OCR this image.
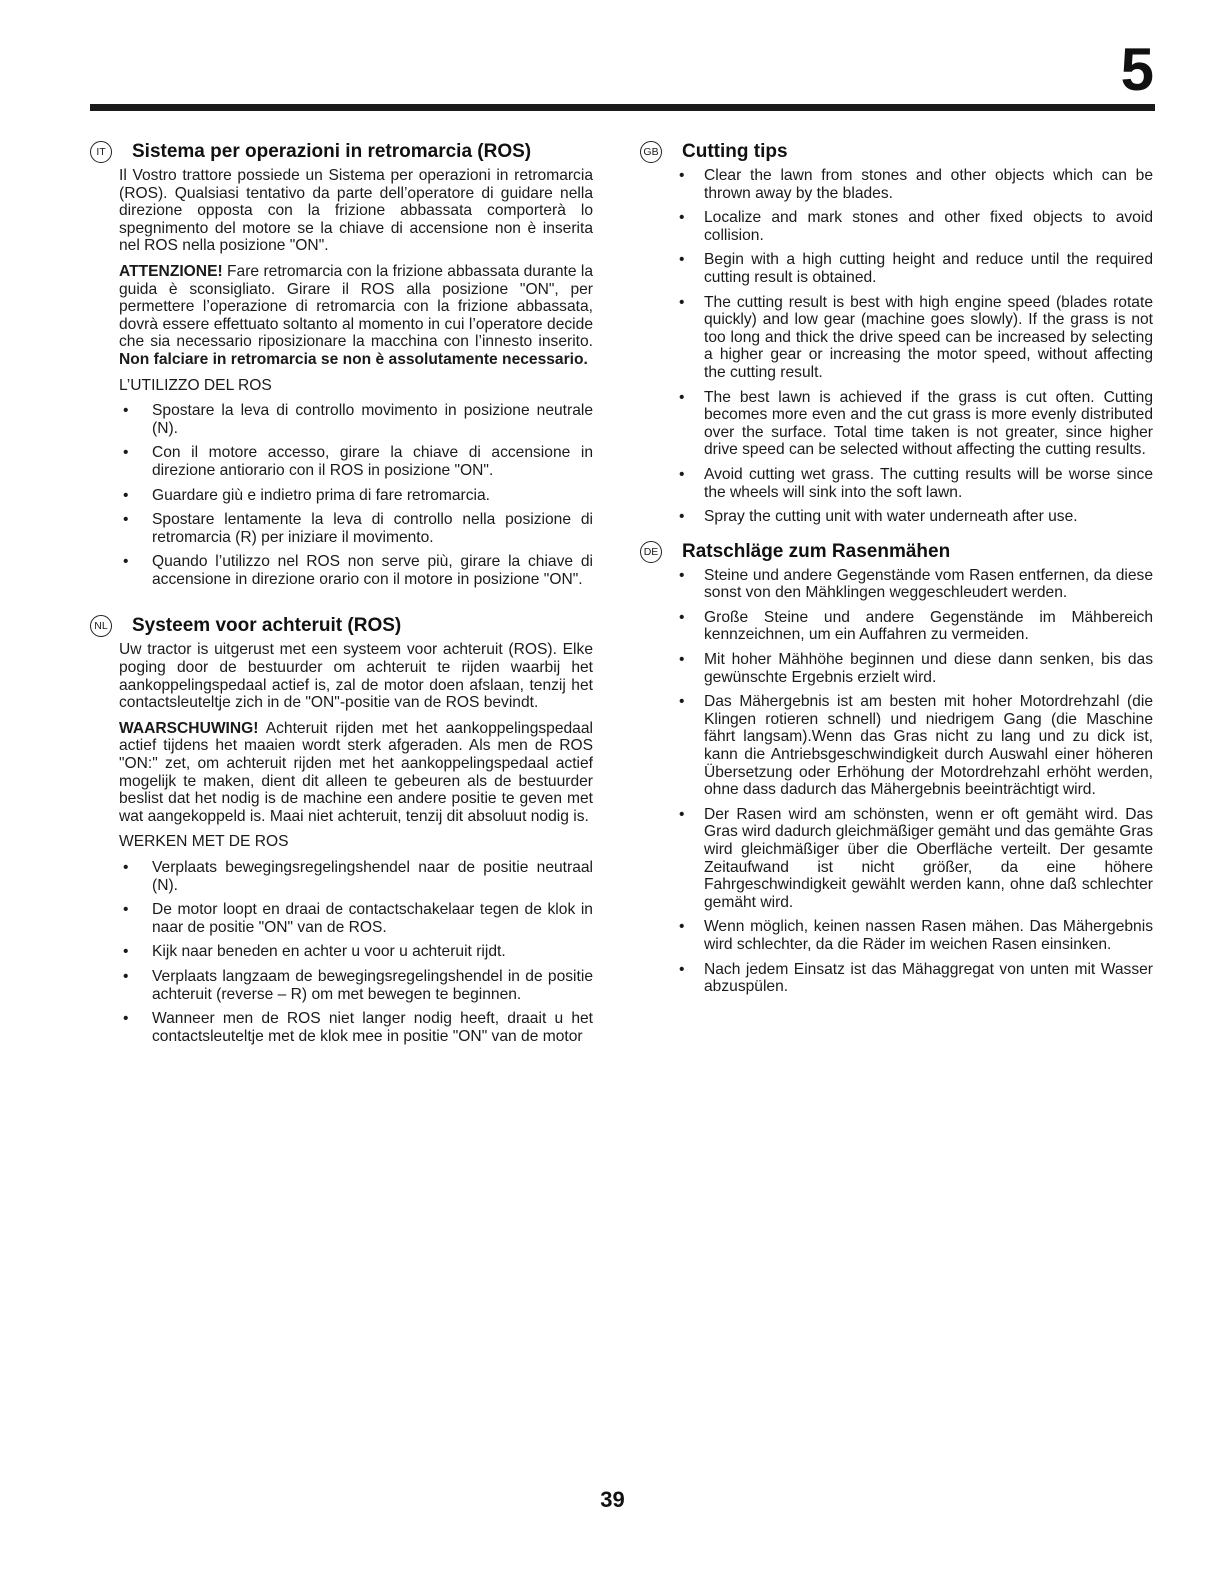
5
IT	Sistema per operazioni in retromarcia (ROS)

Il Vostro trattore possiede un Sistema per operazioni in retromarcia (ROS). Qualsiasi tentativo da parte dell’operatore di guidare nella direzione opposta con la frizione abbassata comporterà lo spegnimento del motore se la chiave di accensione non è inserita nel ROS nella posizione "ON".

ATTENZIONE! Fare retromarcia con la frizione abbassata durante la guida è sconsigliato. Girare il ROS alla posizione "ON", per permettere l’operazione di retromarcia con la frizione abbassata, dovrà essere effettuato soltanto al momento in cui l’operatore decide che sia necessario riposizionare la macchina con l’innesto inserito. Non falciare in retromarcia se non è assolutamente necessario.

L’UTILIZZO DEL ROS

• Spostare la leva di controllo movimento in posizione neutrale (N).
• Con il motore accesso, girare la chiave di accensione in direzione antiorario con il ROS in posizione "ON".
• Guardare giù e indietro prima di fare retromarcia.
• Spostare lentamente la leva di controllo nella posizione di retromarcia (R) per iniziare il movimento.
• Quando l’utilizzo nel ROS non serve più, girare la chiave di accensione in direzione orario con il motore in posizione "ON".
NL Systeem voor achteruit (ROS)

Uw tractor is uitgerust met een systeem voor achteruit (ROS). Elke poging door de bestuurder om achteruit te rijden waarbij het aankoppelingspedaal actief is, zal de motor doen afslaan, tenzij het contactsleuteltje zich in de "ON"-positie van de ROS bevindt.

WAARSCHUWING! Achteruit rijden met het aankoppelingspedaal actief tijdens het maaien wordt sterk afgeraden. Als men de ROS "ON:" zet, om achteruit rijden met het aankoppelingspedaal actief mogelijk te maken, dient dit alleen te gebeuren als de bestuurder beslist dat het nodig is de machine een andere positie te geven met wat aangekoppeld is. Maai niet achteruit, tenzij dit absoluut nodig is.

WERKEN MET DE ROS

• Verplaats bewegingsregelingshendel naar de positie neutraal (N).
• De motor loopt en draai de contactschakelaar tegen de klok in naar de positie "ON" van de ROS.
• Kijk naar beneden en achter u voor u achteruit rijdt.
• Verplaats langzaam de bewegingsregelingshendel in de positie achteruit (reverse – R) om met bewegen te beginnen.
• Wanneer men de ROS niet langer nodig heeft, draait u het contactsleuteltje met de klok mee in positie "ON" van de motor
GB Cutting tips
• Clear the lawn from stones and other objects which can be thrown away by the blades.
• Localize and mark stones and other fixed objects to avoid collision.
• Begin with a high cutting height and reduce until the required cutting result is obtained.
• The cutting result is best with high engine speed (blades rotate quickly) and low gear (machine goes slowly). If the grass is not too long and thick the drive speed can be increased by selecting a higher gear or increasing the motor speed, without affecting the cutting result.
• The best lawn is achieved if the grass is cut often. Cutting becomes more even and the cut grass is more evenly distributed over the surface. Total time taken is not greater, since higher drive speed can be selected without affecting the cutting results.
• Avoid cutting wet grass. The cutting results will be worse since the wheels will sink into the soft lawn.
• Spray the cutting unit with water underneath after use.
DE Ratschläge zum Rasenmähen
• Steine und andere Gegenstände vom Rasen entfernen, da diese sonst von den Mähklingen weggeschleudert werden.
• Große Steine und andere Gegenstände im Mähbereich kennzeichnen, um ein Auffahren zu vermeiden.
• Mit hoher Mähhöhe beginnen und diese dann senken, bis das gewünschte Ergebnis erzielt wird.
• Das Mähergebnis ist am besten mit hoher Motordrehzahl (die Klingen rotieren schnell) und niedrigem Gang (die Maschine fährt langsam).Wenn das Gras nicht zu lang und zu dick ist, kann die Antriebsgeschwindigkeit durch Auswahl einer höheren Übersetzung oder Erhöhung der Motordrehzahl erhöht werden, ohne dass dadurch das Mähergebnis beeinträchtigt wird.
• Der Rasen wird am schönsten, wenn er oft gemäht wird. Das Gras wird dadurch gleichmäßiger gemäht und das gemähte Gras wird gleichmäßiger über die Oberfläche verteilt. Der gesamte Zeitaufwand ist nicht größer, da eine höhere Fahrgeschwindigkeit gewählt werden kann, ohne daß schlechter gemäht wird.
• Wenn möglich, keinen nassen Rasen mähen. Das Mähergebnis wird schlechter, da die Räder im weichen Rasen einsinken.
• Nach jedem Einsatz ist das Mähaggregat von unten mit Wasser abzuspülen.
39
